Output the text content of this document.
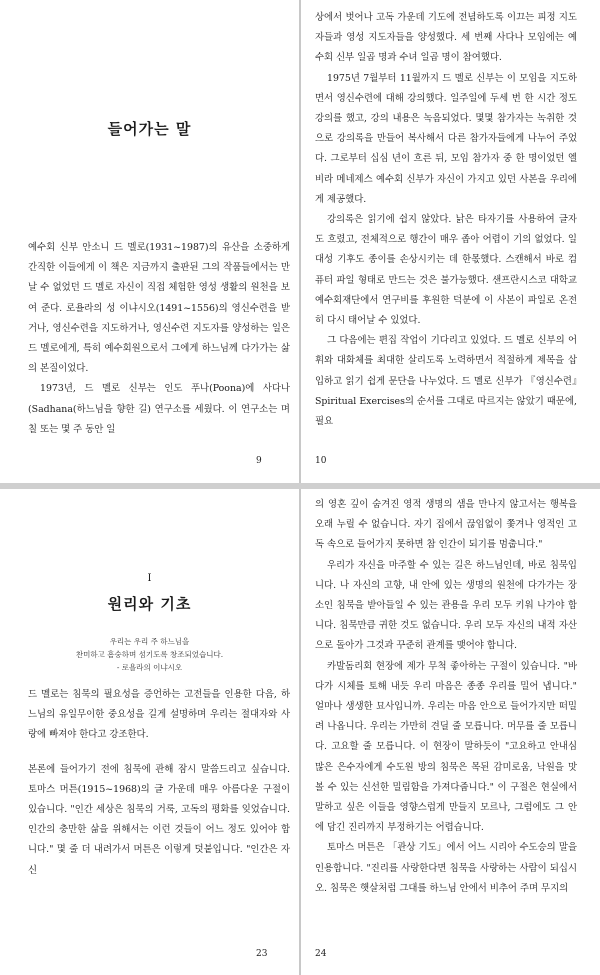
들어가는 말

예수회 신부 안소니 드 멜로(1931~1987)의 유산을 소중하게 간직한 이들에게 이 책은 지금까지 출판된 그의 작품들에서는 만날 수 없었던 드 멜로 자신이 직접 체험한 영성 생활의 원천을 보여 준다. 로욜라의 성 이냐시오(1491~1556)의 영신수련을 받거나, 영신수련을 지도하거나, 영신수련 지도자를 양성하는 일은 드 멜로에게, 특히 예수회원으로서 그에게 하느님께 다가가는 삶의 본질이었다.

1973년, 드 멜로 신부는 인도 푸나(Poona)에 사다나(Sadhana(하느님을 향한 길) 연구소를 세웠다. 이 연구소는 며칠 또는 몇 주 동안 일

9

상에서 벗어나 고독 가운데 기도에 전념하도록 이끄는 피정 지도자들과 영성 지도자들을 양성했다. 세 번째 사다나 모임에는 예수회 신부 일곱 명과 수녀 일곱 명이 참여했다.

1975년 7월부터 11월까지 드 멜로 신부는 이 모임을 지도하면서 영신수련에 대해 강의했다. 일주일에 두세 번 한 시간 정도 강의를 했고, 강의 내용은 녹음되었다. 몇몇 참가자는 녹취한 것으로 강의록을 만들어 복사해서 다른 참가자들에게 나누어 주었다. 그로부터 십심 년이 흐른 뒤, 모임 참가자 중 한 명이었던 엘비라 메네제스 예수회 신부가 자신이 가지고 있던 사본을 우리에게 제공했다.

강의록은 읽기에 쉽지 않았다. 낡은 타자기를 사용하여 글자도 흐렸고, 전체적으로 행간이 매우 좁아 어렵이 기의 없었다. 일대성 기후도 종이를 손상시키는 데 한몫했다. 스캔해서 바로 컴퓨터 파일 형태로 만드는 것은 불가능했다. 샌프란시스코 대학교 예수회재단에서 연구비를 후원한 덕분에 이 사본이 파일로 온전히 다시 태어날 수 있었다.

그 다음에는 편집 작업이 기다리고 있었다. 드 멜로 신부의 어휘와 대화체를 최대한 살리도록 노력하면서 적절하게 제목을 삽입하고 읽기 쉽게 문단을 나누었다. 드 멜로 신부가 『영신수련』Spiritual Exercises의 순서를 그대로 따르지는 않았기 때문에, 필요

10
I
원리와 기초
우리는 우리 주 하느님을
찬미하고 흠숭하며 섬기도록 창조되었습니다.
- 로욜라의 이냐시오

드 멜로는 침묵의 필요성을 증언하는 고전들을 인용한 다음, 하느님의 유일무이한 중요성을 길게 설명하며 우리는 절대자와 사랑에 빠져야 한다고 강조한다.

본론에 들어가기 전에 침묵에 관해 잠시 말씀드리고 싶습니다. 토마스 머튼(1915~1968)의 글 가운데 매우 아름다운 구절이 있습니다. "인간 세상은 침묵의 거룩, 고독의 평화를 잊었습니다. 인간의 충만한 삶을 위해서는 이런 것들이 어느 정도 있어야 합니다." 몇 줄 더 내려가서 머튼은 이렇게 덧붙입니다. "인간은 자신

23

의 영혼 깊이 숨겨진 영적 생명의 샘을 만나지 않고서는 행복을 오래 누릴 수 없습니다. 자기 집에서 끊임없이 쫓겨나 영적인 고독 속으로 들어가지 못하면 참 인간이 되기를 멈춥니다."

우리가 자신을 마주할 수 있는 길은 하느님인데, 바로 침묵입니다. 나 자신의 고향, 내 안에 있는 생명의 원천에 다가가는 장소인 침묵을 받아들일 수 있는 관용을 우리 모두 키워 나가야 합니다. 침묵만큼 귀한 것도 없습니다. 우리 모두 자신의 내적 자산으로 돌아가 그것과 꾸준히 관계를 맺어야 합니다.

카발돔리회 현장에 제가 무척 좋아하는 구절이 있습니다. "바다가 시체를 토해 내듯 우리 마음은 종종 우리를 밀어 냅니다." 얼마나 생생한 묘사입니까. 우리는 마음 안으로 들어가지만 떠밀려 나옵니다. 우리는 가만히 견딜 줄 모릅니다. 머무를 줄 모릅니다. 고요할 줄 모릅니다. 이 현장이 말하듯이 "고요하고 안내심 많은 은수자에게 수도원 방의 침묵은 목된 감미로움, 낙원을 맛볼 수 있는 신선한 밀림함을 가져다줍니다." 이 구절은 현실에서 말하고 싶은 이들을 영향스럽게 만들지 모르나, 그럼에도 그 안에 담긴 진리까지 부정하기는 어렵습니다.

토마스 머튼은 「관상 기도」에서 어느 시리아 수도승의 말을 인용합니다. "진리를 사랑한다면 침묵을 사랑하는 사람이 되십시오. 침묵은 햇살처럼 그대를 하느님 안에서 비추어 주며 무지의

24
